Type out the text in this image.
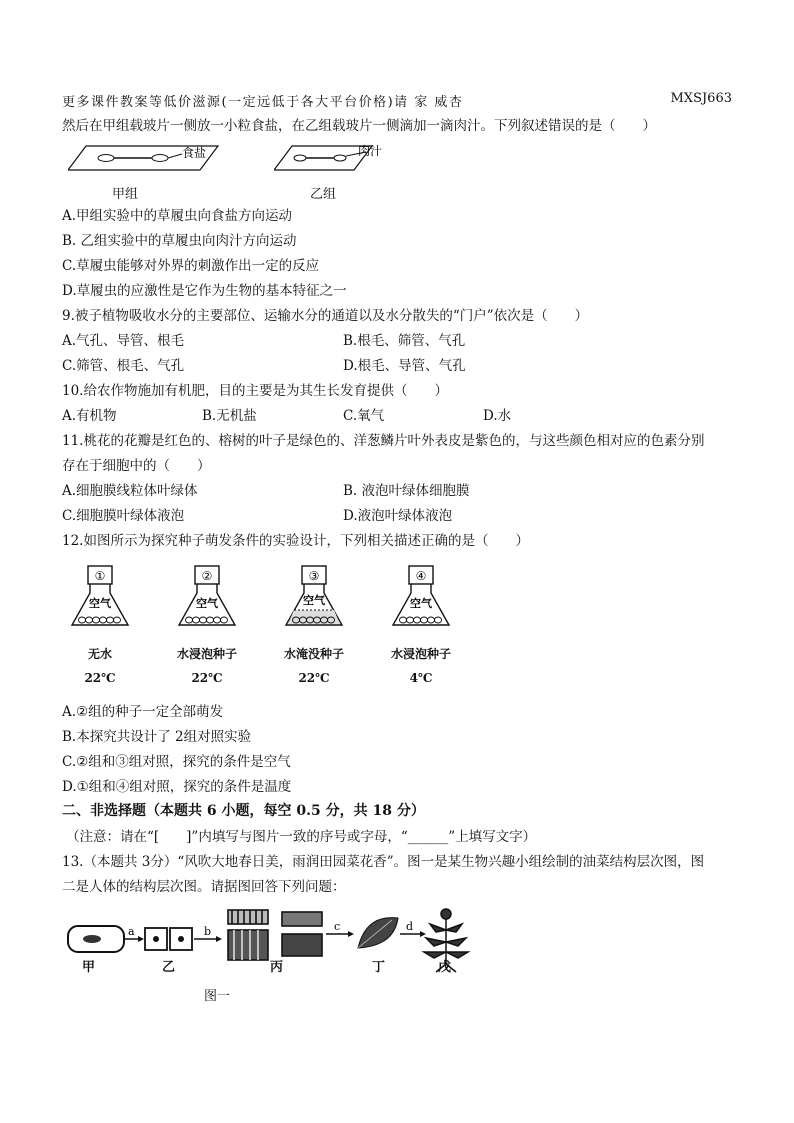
更多课件教案等低价滋源(一定远低于各大平台价格)请 家 威杏	MXSJ663
然后在甲组载玻片一侧放一小粒食盐，在乙组载玻片一侧滴加一滴肉汁。下列叙述错误的是（　　）
食盐	肉汁
甲组	乙组
A.甲组实验中的草履虫向食盐方向运动
B. 乙组实验中的草履虫向肉汁方向运动
C.草履虫能够对外界的刺激作出一定的反应
D.草履虫的应激性是它作为生物的基本特征之一
9.被子植物吸收水分的主要部位、运输水分的通道以及水分散失的“门户”依次是（　　）
A.气孔、导管、根毛	B.根毛、筛管、气孔
C.筛管、根毛、气孔	D.根毛、导管、气孔
10.给农作物施加有机肥，目的主要是为其生长发育提供（　　）
A.有机物	B.无机盐	C.氧气	D.水
11.桃花的花瓣是红色的、榕树的叶子是绿色的、洋葱鳞片叶外表皮是紫色的，与这些颜色相对应的色素分别
存在于细胞中的（　　）
A.细胞膜线粒体叶绿体	B. 液泡叶绿体细胞膜
C.细胞膜叶绿体液泡	D.液泡叶绿体液泡
12.如图所示为探究种子萌发条件的实验设计，下列相关描述正确的是（　　）
①
空气
②
空气
③
空气
④
空气
无水	水浸泡种子	水淹没种子	水浸泡种子
22℃	22℃	22℃	4℃
A.②组的种子一定全部萌发
B.本探究共设计了 2组对照实验
C.②组和③组对照，探究的条件是空气
D.①组和④组对照，探究的条件是温度
二、非选择题（本题共 6 小题，每空 0.5 分，共 18 分）
（注意：请在“[　　]”内填写与图片一致的序号或字母，“______”上填写文字）
13.（本题共 3分）“风吹大地春日美，雨润田园菜花香”。图一是某生物兴趣小组绘制的油菜结构层次图，图
二是人体的结构层次图。请据图回答下列问题：
a	b	c	d
甲	乙	丙	丁	戊
图一
